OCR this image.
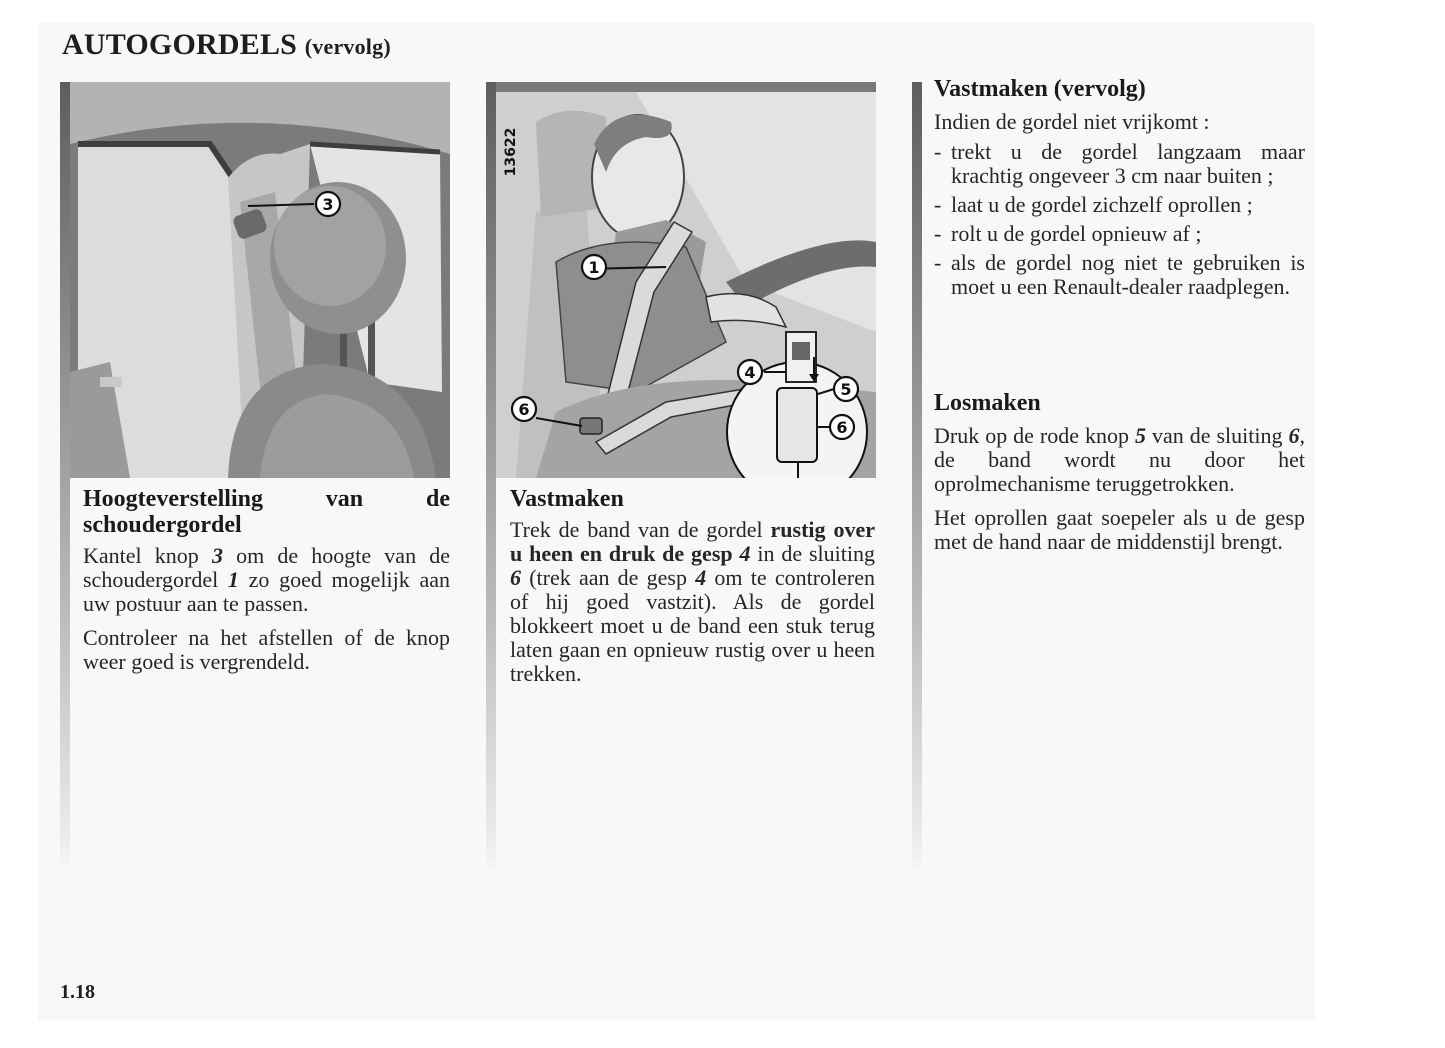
AUTOGORDELS (vervolg)
3
Hoogteverstelling	van	de
schoudergordel

Kantel knop 3 om de hoogte van de schoudergordel 1 zo goed mogelijk aan uw postuur aan te passen.

Controleer na het afstellen of de knop weer goed is vergrendeld.

13622
1
4
5
6
6
Vastmaken

Trek de band van de gordel rustig over u heen en druk de gesp 4 in de sluiting 6 (trek aan de gesp 4 om te controleren of hij goed vastzit). Als de gordel blokkeert moet u de band een stuk terug laten gaan en opnieuw rustig over u heen trekken.

Vastmaken (vervolg)

Indien de gordel niet vrijkomt :

- trekt u de gordel langzaam maar krachtig ongeveer 3 cm naar buiten ;
- laat u de gordel zichzelf oprollen ;
- rolt u de gordel opnieuw af ;
- als de gordel nog niet te gebruiken is moet u een Renault-dealer raadplegen.
Losmaken

Druk op de rode knop 5 van de sluiting 6, de band wordt nu door het oprolmechanisme teruggetrokken.

Het oprollen gaat soepeler als u de gesp met de hand naar de middenstijl brengt.

1.18
